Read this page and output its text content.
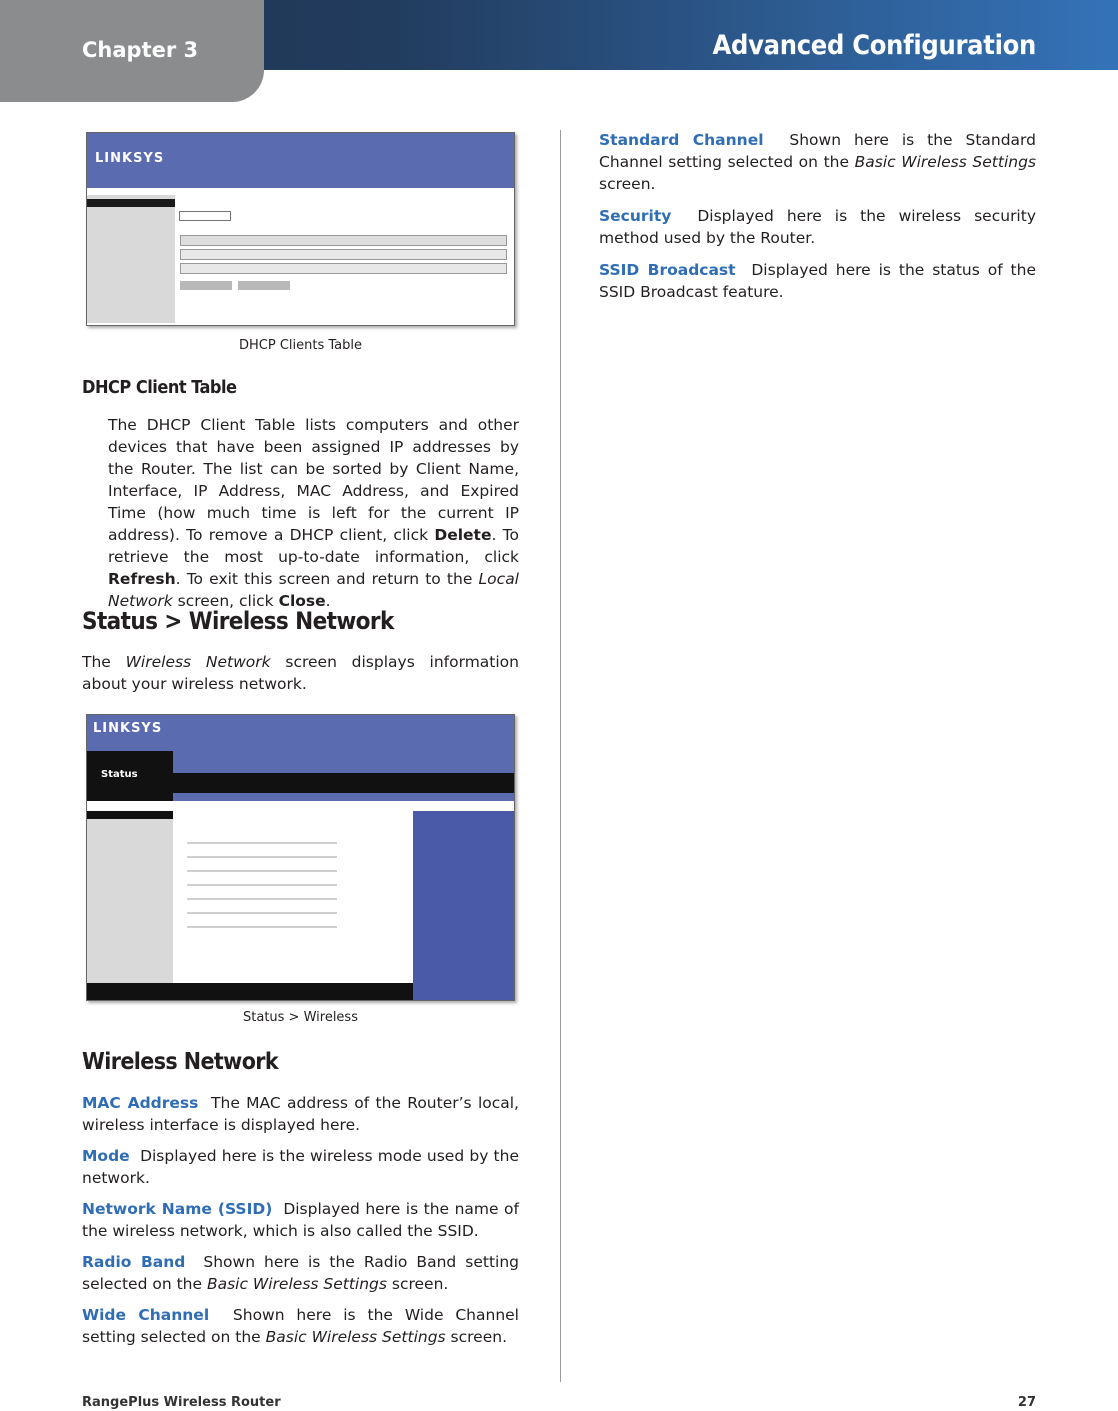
Chapter 3	Advanced Configuration
LINKSYS
DHCP Clients Table
DHCP Client Table

The DHCP Client Table lists computers and other devices that have been assigned IP addresses by the Router. The list can be sorted by Client Name, Interface, IP Address, MAC Address, and Expired Time (how much time is left for the current IP address). To remove a DHCP client, click Delete. To retrieve the most up-to-date information, click Refresh. To exit this screen and return to the Local Network screen, click Close.

Status > Wireless Network

The Wireless Network screen displays information about your wireless network.

LINKSYS
Status
Status > Wireless
Wireless Network

MAC Address The MAC address of the Router’s local, wireless interface is displayed here.

Mode Displayed here is the wireless mode used by the network.

Network Name (SSID) Displayed here is the name of the wireless network, which is also called the SSID.

Radio Band Shown here is the Radio Band setting selected on the Basic Wireless Settings screen.

Wide Channel Shown here is the Wide Channel setting selected on the Basic Wireless Settings screen.

Standard Channel Shown here is the Standard Channel setting selected on the Basic Wireless Settings screen.

Security Displayed here is the wireless security method used by the Router.

SSID Broadcast Displayed here is the status of the SSID Broadcast feature.

RangePlus Wireless Router	27
